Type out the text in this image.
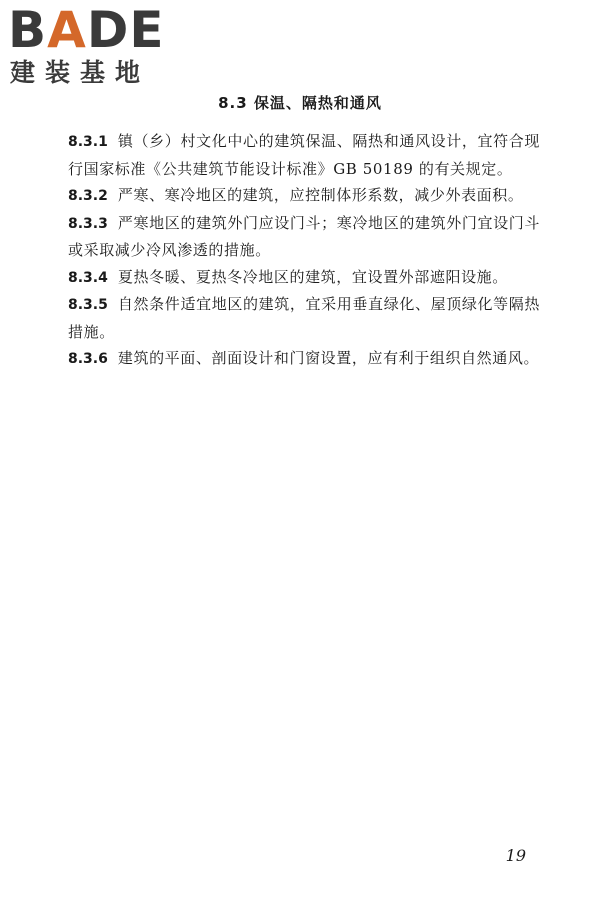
BADE
建装基地
8.3 保温、隔热和通风

8.3.1 镇（乡）村文化中心的建筑保温、隔热和通风设计，宜符合现行国家标准《公共建筑节能设计标准》GB 50189 的有关规定。

8.3.2 严寒、寒冷地区的建筑，应控制体形系数，减少外表面积。

8.3.3 严寒地区的建筑外门应设门斗；寒冷地区的建筑外门宜设门斗或采取减少冷风渗透的措施。

8.3.4 夏热冬暖、夏热冬冷地区的建筑，宜设置外部遮阳设施。

8.3.5 自然条件适宜地区的建筑，宜采用垂直绿化、屋顶绿化等隔热措施。

8.3.6 建筑的平面、剖面设计和门窗设置，应有利于组织自然通风。

19
